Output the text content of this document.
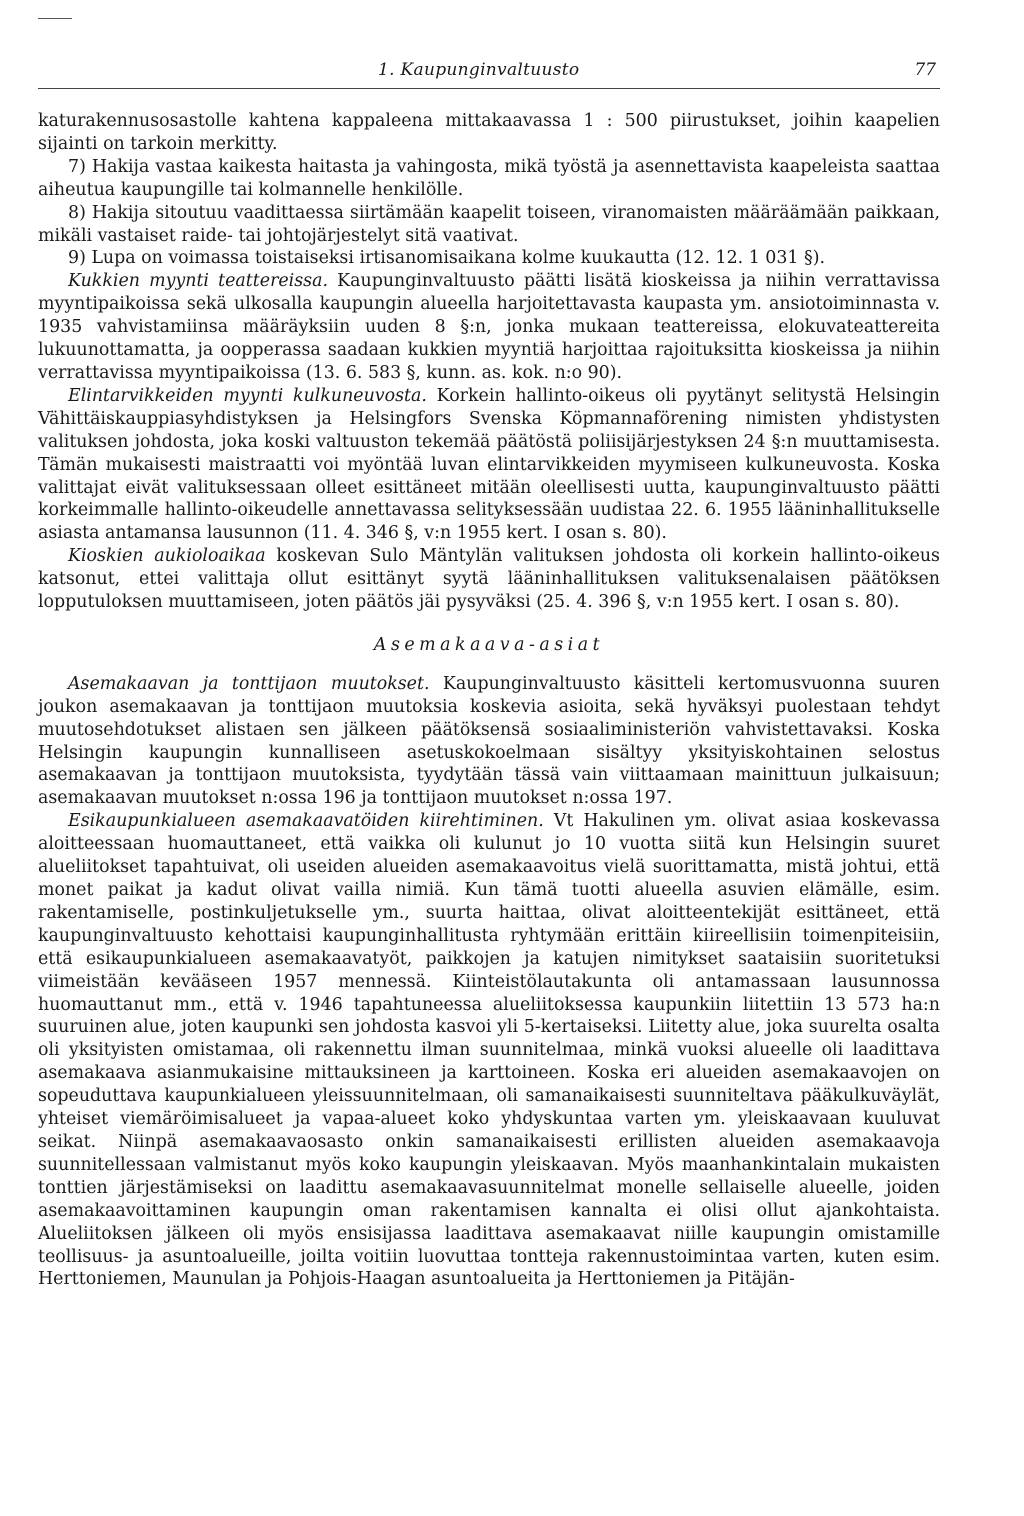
1. Kaupunginvaltuusto	77

katurakennusosastolle kahtena kappaleena mittakaavassa 1 : 500 piirustukset, joihin kaapelien sijainti on tarkoin merkitty.

7) Hakija vastaa kaikesta haitasta ja vahingosta, mikä työstä ja asennettavista kaapeleista saattaa aiheutua kaupungille tai kolmannelle henkilölle.

8) Hakija sitoutuu vaadittaessa siirtämään kaapelit toiseen, viranomaisten määräämään paikkaan, mikäli vastaiset raide- tai johtojärjestelyt sitä vaativat.

9) Lupa on voimassa toistaiseksi irtisanomisaikana kolme kuukautta (12. 12. 1 031 §).

Kukkien myynti teattereissa. Kaupunginvaltuusto päätti lisätä kioskeissa ja niihin verrattavissa myyntipaikoissa sekä ulkosalla kaupungin alueella harjoitettavasta kaupasta ym. ansiotoiminnasta v. 1935 vahvistamiinsa määräyksiin uuden 8 §:n, jonka mukaan teattereissa, elokuvateattereita lukuunottamatta, ja oopperassa saadaan kukkien myyntiä harjoittaa rajoituksitta kioskeissa ja niihin verrattavissa myyntipaikoissa (13. 6. 583 §, kunn. as. kok. n:o 90).

Elintarvikkeiden myynti kulkuneuvosta. Korkein hallinto-oikeus oli pyytänyt selitystä Helsingin Vähittäiskauppiasyhdistyksen ja Helsingfors Svenska Köpmannaförening nimisten yhdistysten valituksen johdosta, joka koski valtuuston tekemää päätöstä poliisijärjestyksen 24 §:n muuttamisesta. Tämän mukaisesti maistraatti voi myöntää luvan elintarvikkeiden myymiseen kulkuneuvosta. Koska valittajat eivät valituksessaan olleet esittäneet mitään oleellisesti uutta, kaupunginvaltuusto päätti korkeimmalle hallinto-oikeudelle annettavassa selityksessään uudistaa 22. 6. 1955 lääninhallitukselle asiasta antamansa lausunnon (11. 4. 346 §, v:n 1955 kert. I osan s. 80).

Kioskien aukioloaikaa koskevan Sulo Mäntylän valituksen johdosta oli korkein hallinto-oikeus katsonut, ettei valittaja ollut esittänyt syytä lääninhallituksen valituksenalaisen päätöksen lopputuloksen muuttamiseen, joten päätös jäi pysyväksi (25. 4. 396 §, v:n 1955 kert. I osan s. 80).

Asemakaava-asiat

Asemakaavan ja tonttijaon muutokset. Kaupunginvaltuusto käsitteli kertomusvuonna suuren joukon asemakaavan ja tonttijaon muutoksia koskevia asioita, sekä hyväksyi puolestaan tehdyt muutosehdotukset alistaen sen jälkeen päätöksensä sosiaaliministeriön vahvistettavaksi. Koska Helsingin kaupungin kunnalliseen asetuskokoelmaan sisältyy yksityiskohtainen selostus asemakaavan ja tonttijaon muutoksista, tyydytään tässä vain viittaamaan mainittuun julkaisuun; asemakaavan muutokset n:ossa 196 ja tonttijaon muutokset n:ossa 197.

Esikaupunkialueen asemakaavatöiden kiirehtiminen. Vt Hakulinen ym. olivat asiaa koskevassa aloitteessaan huomauttaneet, että vaikka oli kulunut jo 10 vuotta siitä kun Helsingin suuret alueliitokset tapahtuivat, oli useiden alueiden asemakaavoitus vielä suorittamatta, mistä johtui, että monet paikat ja kadut olivat vailla nimiä. Kun tämä tuotti alueella asuvien elämälle, esim. rakentamiselle, postinkuljetukselle ym., suurta haittaa, olivat aloitteentekijät esittäneet, että kaupunginvaltuusto kehottaisi kaupunginhallitusta ryhtymään erittäin kiireellisiin toimenpiteisiin, että esikaupunkialueen asemakaavatyöt, paikkojen ja katujen nimitykset saataisiin suoritetuksi viimeistään kevääseen 1957 mennessä. Kiinteistölautakunta oli antamassaan lausunnossa huomauttanut mm., että v. 1946 tapahtuneessa alueliitoksessa kaupunkiin liitettiin 13 573 ha:n suuruinen alue, joten kaupunki sen johdosta kasvoi yli 5-kertaiseksi. Liitetty alue, joka suurelta osalta oli yksityisten omistamaa, oli rakennettu ilman suunnitelmaa, minkä vuoksi alueelle oli laadittava asemakaava asianmukaisine mittauksineen ja karttoineen. Koska eri alueiden asemakaavojen on sopeuduttava kaupunkialueen yleissuunnitelmaan, oli samanaikaisesti suunniteltava pääkulkuväylät, yhteiset viemäröimisalueet ja vapaa-alueet koko yhdyskuntaa varten ym. yleiskaavaan kuuluvat seikat. Niinpä asemakaavaosasto onkin samanaikaisesti erillisten alueiden asemakaavoja suunnitellessaan valmistanut myös koko kaupungin yleiskaavan. Myös maanhankintalain mukaisten tonttien järjestämiseksi on laadittu asemakaavasuunnitelmat monelle sellaiselle alueelle, joiden asemakaavoittaminen kaupungin oman rakentamisen kannalta ei olisi ollut ajankohtaista. Alueliitoksen jälkeen oli myös ensisijassa laadittava asemakaavat niille kaupungin omistamille teollisuus- ja asuntoalueille, joilta voitiin luovuttaa tontteja rakennustoimintaa varten, kuten esim. Herttoniemen, Maunulan ja Pohjois-Haagan asuntoalueita ja Herttoniemen ja Pitäjän-
